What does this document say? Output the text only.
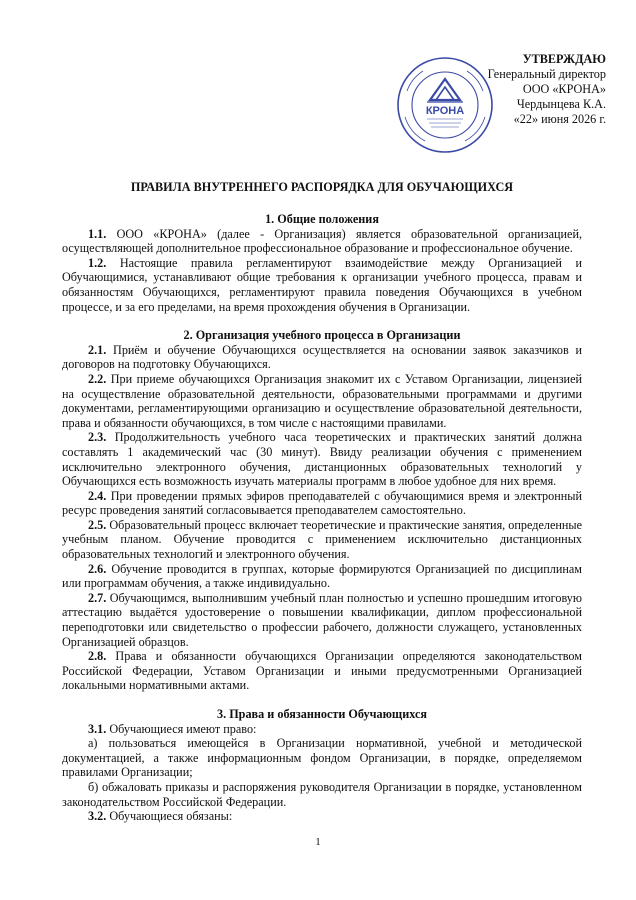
КРОНА
УТВЕРЖДАЮ
Генеральный директор
ООО «КРОНА»
Чердынцева К.А.
«22» июня 2026 г.
ПРАВИЛА ВНУТРЕННЕГО РАСПОРЯДКА ДЛЯ ОБУЧАЮЩИХСЯ

1. Общие положения

1.1. ООО «КРОНА» (далее - Организация) является образовательной организацией, осуществляющей дополнительное профессиональное образование и профессиональное обучение.

1.2. Настоящие правила регламентируют взаимодействие между Организацией и Обучающимися, устанавливают общие требования к организации учебного процесса, правам и обязанностям Обучающихся, регламентируют правила поведения Обучающихся в учебном процессе, и за его пределами, на время прохождения обучения в Организации.

2. Организация учебного процесса в Организации

2.1. Приём и обучение Обучающихся осуществляется на основании заявок заказчиков и договоров на подготовку Обучающихся.

2.2. При приеме обучающихся Организация знакомит их с Уставом Организации, лицензией на осуществление образовательной деятельности, образовательными программами и другими документами, регламентирующими организацию и осуществление образовательной деятельности, права и обязанности обучающихся, в том числе с настоящими правилами.

2.3. Продолжительность учебного часа теоретических и практических занятий должна составлять 1 академический час (30 минут). Ввиду реализации обучения с применением исключительно электронного обучения, дистанционных образовательных технологий у Обучающихся есть возможность изучать материалы программ в любое удобное для них время.

2.4. При проведении прямых эфиров преподавателей с обучающимися время и электронный ресурс проведения занятий согласовывается преподавателем самостоятельно.

2.5. Образовательный процесс включает теоретические и практические занятия, определенные учебным планом. Обучение проводится с применением исключительно дистанционных образовательных технологий и электронного обучения.

2.6. Обучение проводится в группах, которые формируются Организацией по дисциплинам или программам обучения, а также индивидуально.

2.7. Обучающимся, выполнившим учебный план полностью и успешно прошедшим итоговую аттестацию выдаётся удостоверение о повышении квалификации, диплом профессиональной переподготовки или свидетельство о профессии рабочего, должности служащего, установленных Организацией образцов.

2.8. Права и обязанности обучающихся Организации определяются законодательством Российской Федерации, Уставом Организации и иными предусмотренными Организацией локальными нормативными актами.

3. Права и обязанности Обучающихся

3.1. Обучающиеся имеют право:

а) пользоваться имеющейся в Организации нормативной, учебной и методической документацией, а также информационным фондом Организации, в порядке, определяемом правилами Организации;

б) обжаловать приказы и распоряжения руководителя Организации в порядке, установленном законодательством Российской Федерации.

3.2. Обучающиеся обязаны:

1
